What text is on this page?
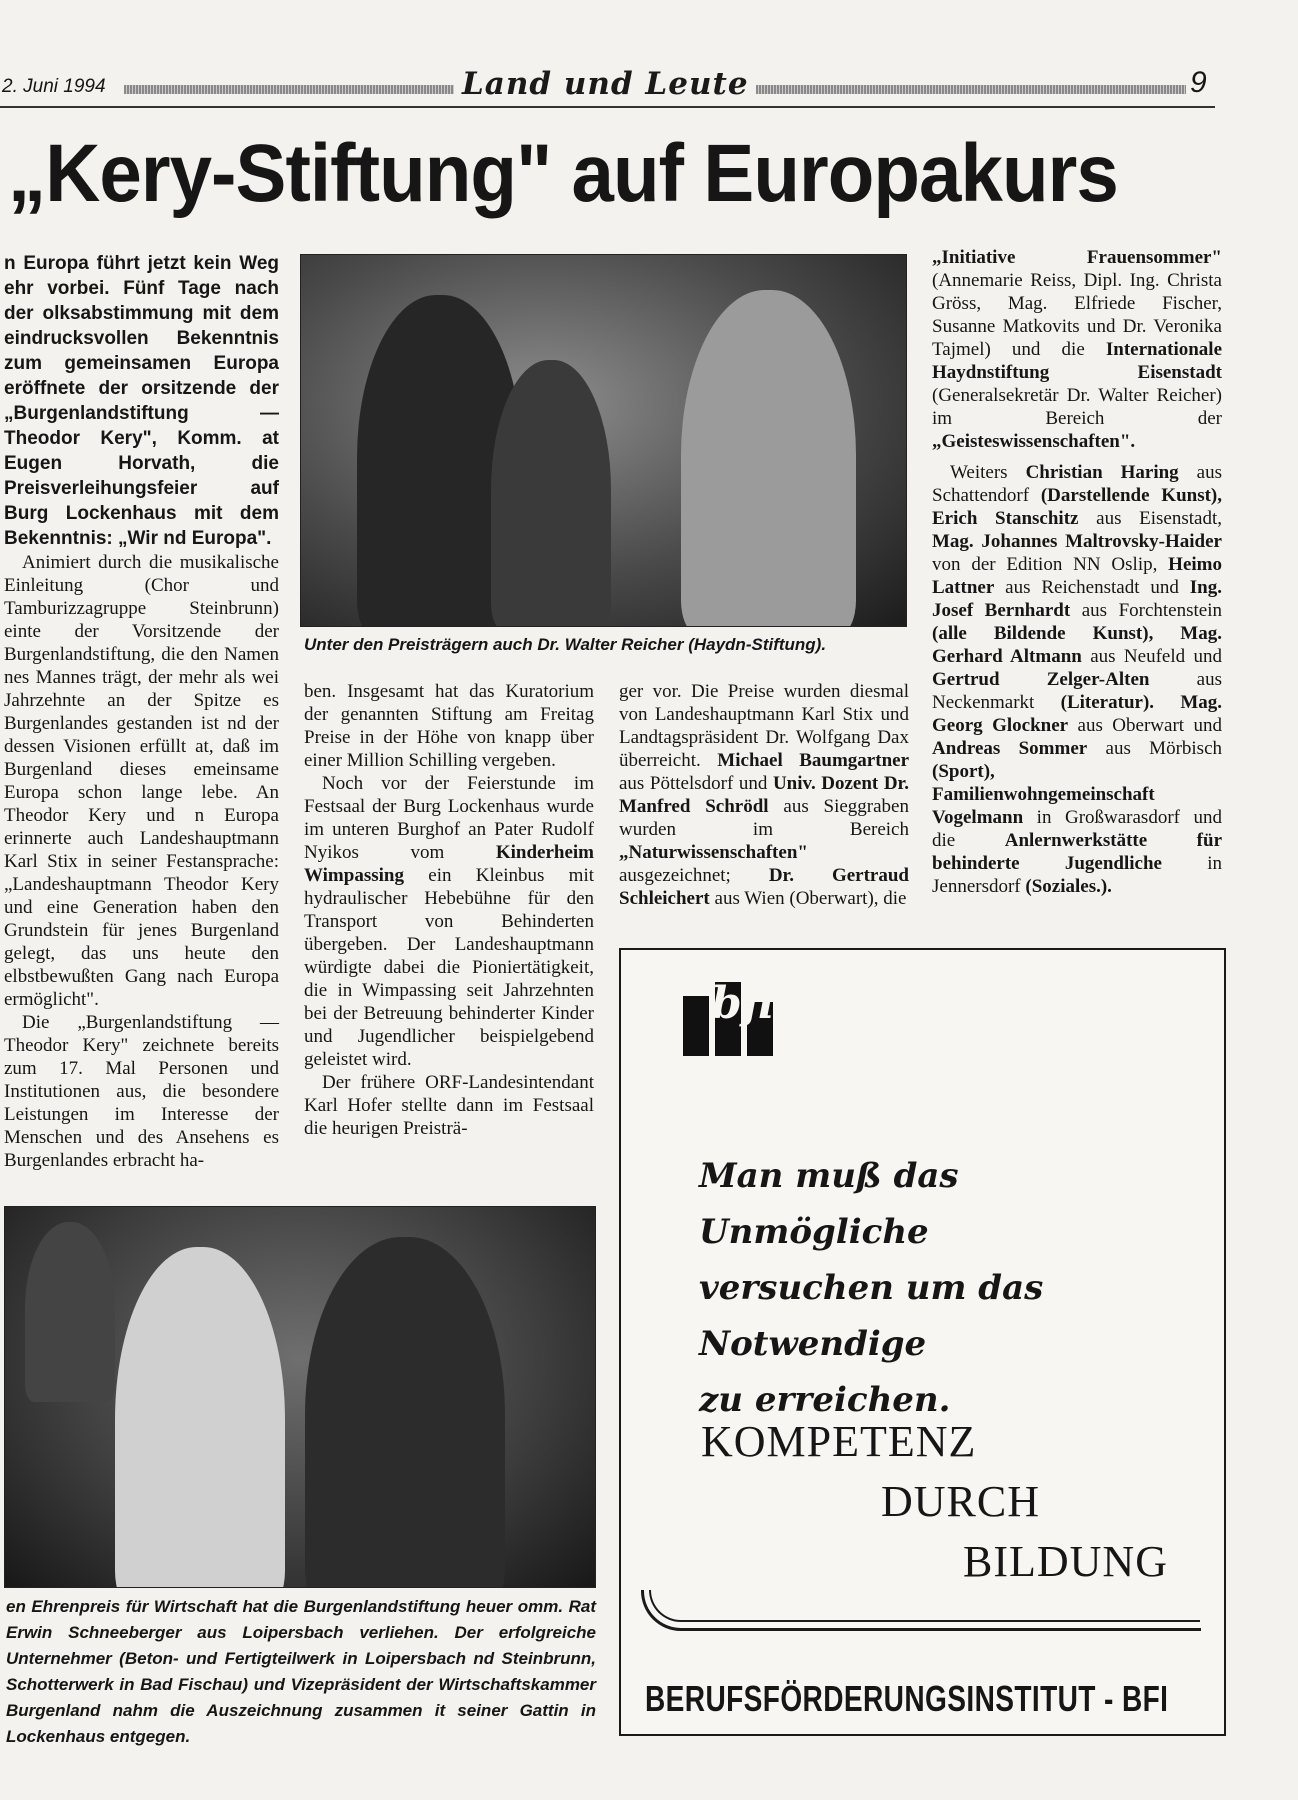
2. Juni 1994	Land und Leute	9
„Kery-Stiftung" auf Europakurs

n Europa führt jetzt kein Weg ehr vorbei. Fünf Tage nach der olksabstimmung mit dem eindrucksvollen Bekenntnis zum gemeinsamen Europa eröffnete der orsitzende der „Burgenlandstiftung — Theodor Kery", Komm. at Eugen Horvath, die Preisverleihungsfeier auf Burg Lockenhaus mit dem Bekenntnis: „Wir nd Europa".

Animiert durch die musikalische Einleitung (Chor und Tamburizzagruppe Steinbrunn) einte der Vorsitzende der Burgenlandstiftung, die den Namen nes Mannes trägt, der mehr als wei Jahrzehnte an der Spitze es Burgenlandes gestanden ist nd der dessen Visionen erfüllt at, daß im Burgenland dieses emeinsame Europa schon lange lebe. An Theodor Kery und n Europa erinnerte auch Landeshauptmann Karl Stix in seiner Festansprache: „Landeshauptmann Theodor Kery und eine Generation haben den Grundstein für jenes Burgenland gelegt, das uns heute den elbstbewußten Gang nach Europa ermöglicht".

Die „Burgenlandstiftung — Theodor Kery" zeichnete bereits zum 17. Mal Personen und Institutionen aus, die besondere Leistungen im Interesse der Menschen und des Ansehens es Burgenlandes erbracht ha-

Unter den Preisträgern auch Dr. Walter Reicher (Haydn-Stiftung).

ben. Insgesamt hat das Kuratorium der genannten Stiftung am Freitag Preise in der Höhe von knapp über einer Million Schilling vergeben.

Noch vor der Feierstunde im Festsaal der Burg Lockenhaus wurde im unteren Burghof an Pater Rudolf Nyikos vom Kinderheim Wimpassing ein Kleinbus mit hydraulischer Hebebühne für den Transport von Behinderten übergeben. Der Landeshauptmann würdigte dabei die Pioniertätigkeit, die in Wimpassing seit Jahrzehnten bei der Betreuung behinderter Kinder und Jugendlicher beispielgebend geleistet wird.

Der frühere ORF-Landesintendant Karl Hofer stellte dann im Festsaal die heurigen Preisträ-

ger vor. Die Preise wurden diesmal von Landeshauptmann Karl Stix und Landtagspräsident Dr. Wolfgang Dax überreicht. Michael Baumgartner aus Pöttelsdorf und Univ. Dozent Dr. Manfred Schrödl aus Sieggraben wurden im Bereich „Naturwissenschaften" ausgezeichnet; Dr. Gertraud Schleichert aus Wien (Oberwart), die

„Initiative Frauensommer" (Annemarie Reiss, Dipl. Ing. Christa Gröss, Mag. Elfriede Fischer, Susanne Matkovits und Dr. Veronika Tajmel) und die Internationale Haydnstiftung Eisenstadt (Generalsekretär Dr. Walter Reicher) im Bereich der „Geisteswissenschaften".

Weiters Christian Haring aus Schattendorf (Darstellende Kunst), Erich Stanschitz aus Eisenstadt, Mag. Johannes Maltrovsky-Haider von der Edition NN Oslip, Heimo Lattner aus Reichenstadt und Ing. Josef Bernhardt aus Forchtenstein (alle Bildende Kunst), Mag. Gerhard Altmann aus Neufeld und Gertrud Zelger-Alten aus Neckenmarkt (Literatur). Mag. Georg Glockner aus Oberwart und Andreas Sommer aus Mörbisch (Sport), Familienwohngemeinschaft Vogelmann in Großwarasdorf und die Anlernwerkstätte für behinderte Jugendliche in Jennersdorf (Soziales.).

en Ehrenpreis für Wirtschaft hat die Burgenlandstiftung heuer omm. Rat Erwin Schneeberger aus Loipersbach verliehen. Der erfolgreiche Unternehmer (Beton- und Fertigteilwerk in Loipersbach nd Steinbrunn, Schotterwerk in Bad Fischau) und Vizepräsident der Wirtschaftskammer Burgenland nahm die Auszeichnung zusammen it seiner Gattin in Lockenhaus entgegen.
bfi
Man muß das Unmögliche
versuchen um das Notwendige
zu erreichen.
KOMPETENZ
DURCH
BILDUNG
BERUFSFÖRDERUNGSINSTITUT - BFI
